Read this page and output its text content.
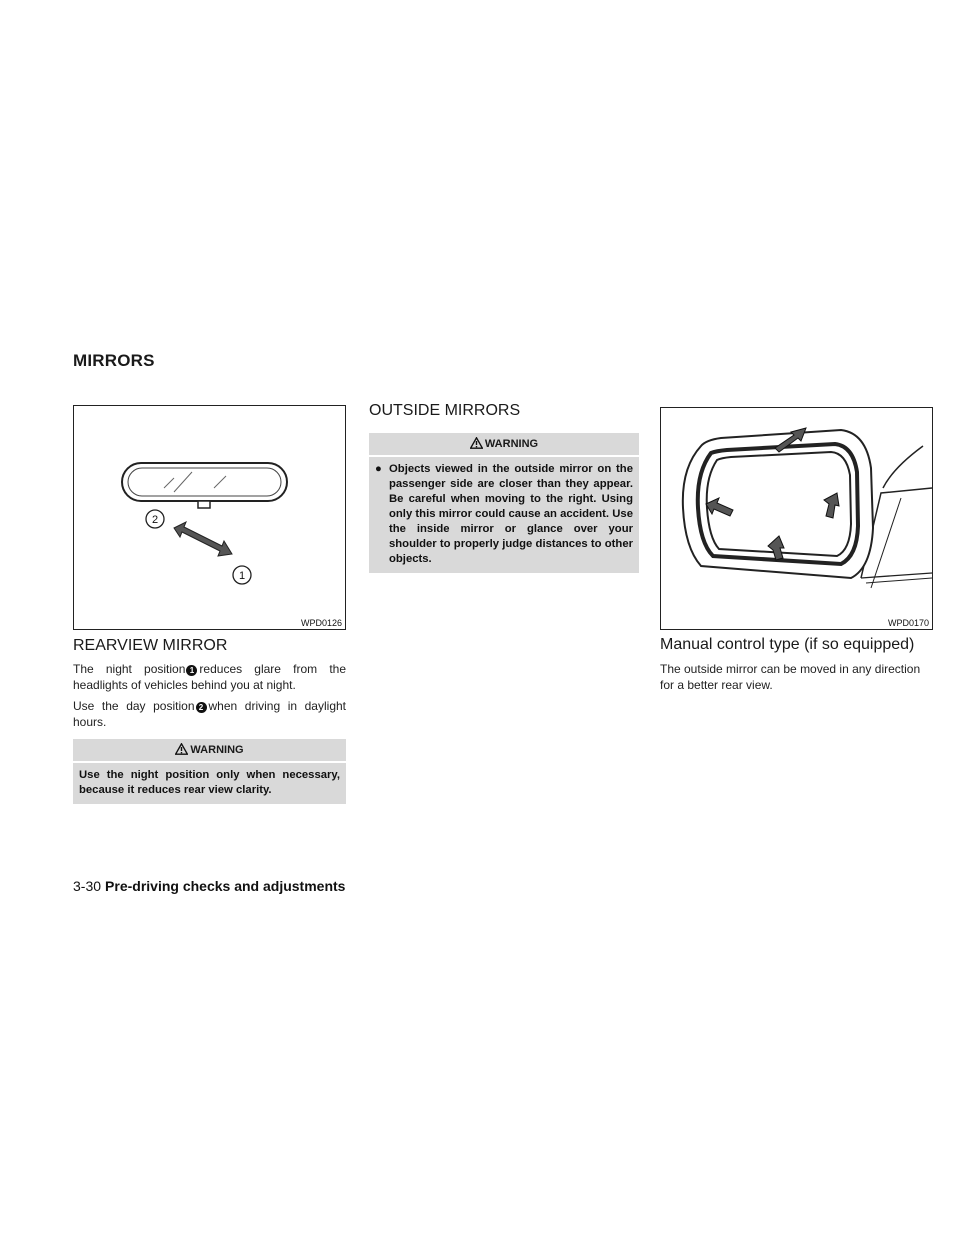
MIRRORS
2
1
WPD0126
REARVIEW MIRROR

The night position 1 reduces glare from the headlights of vehicles behind you at night.

Use the day position 2 when driving in daylight hours.

WARNING
Use the night position only when necessary, because it reduces rear view clarity.
OUTSIDE MIRRORS
WARNING
● Objects viewed in the outside mirror on the passenger side are closer than they appear. Be careful when moving to the right. Using only this mirror could cause an accident. Use the inside mirror or glance over your shoulder to properly judge distances to other objects.
WPD0170
Manual control type (if so equipped)

The outside mirror can be moved in any direction for a better rear view.

3-30 Pre-driving checks and adjustments
